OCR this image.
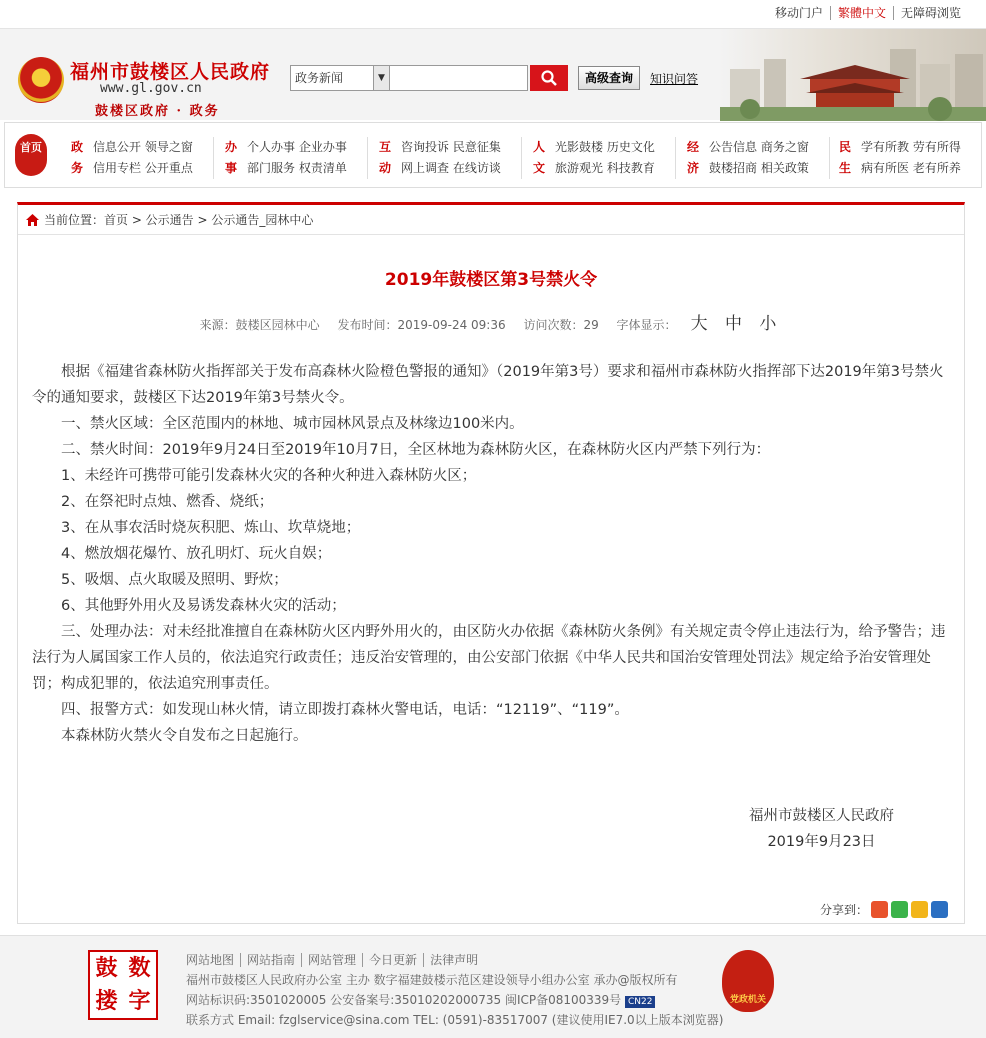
移动门户	繁體中文	无障碍浏览
福州市鼓楼区人民政府
www.gl.gov.cn
鼓楼区政府 · 政务
政务新闻	▼	高级查询	知识问答
首页	政
务
信息公开 领导之窗
信用专栏 公开重点
办
事
个人办事 企业办事
部门服务 权责清单
互
动
咨询投诉 民意征集
网上调查 在线访谈
人
文
光影鼓楼 历史文化
旅游观光 科技教育
经
济
公告信息 商务之窗
鼓楼招商 相关政策
民
生
学有所教 劳有所得
病有所医 老有所养
当前位置：首页 > 公示通告 > 公示通告_园林中心
2019年鼓楼区第3号禁火令
来源：鼓楼区园林中心 发布时间：2019-09-24 09:36 访问次数：29 字体显示： 大 中 小

根据《福建省森林防火指挥部关于发布高森林火险橙色警报的通知》（2019年第3号）要求和福州市森林防火指挥部下达2019年第3号禁火令的通知要求，鼓楼区下达2019年第3号禁火令。

一、禁火区域：全区范围内的林地、城市园林风景点及林缘边100米内。

二、禁火时间：2019年9月24日至2019年10月7日，全区林地为森林防火区，在森林防火区内严禁下列行为：

1、未经许可携带可能引发森林火灾的各种火种进入森林防火区；

2、在祭祀时点烛、燃香、烧纸；

3、在从事农活时烧灰积肥、炼山、坎草烧地；

4、燃放烟花爆竹、放孔明灯、玩火自娱；

5、吸烟、点火取暖及照明、野炊；

6、其他野外用火及易诱发森林火灾的活动；

三、处理办法：对未经批准擅自在森林防火区内野外用火的，由区防火办依据《森林防火条例》有关规定责令停止违法行为，给予警告；违法行为人属国家工作人员的，依法追究行政责任；违反治安管理的，由公安部门依据《中华人民共和国治安管理处罚法》规定给予治安管理处罚；构成犯罪的，依法追究刑事责任。

四、报警方式：如发现山林火情，请立即拨打森林火警电话，电话：“12119”、“119”。

本森林防火禁火令自发布之日起施行。

福州市鼓楼区人民政府
2019年9月23日
分享到：
鼓 数
搂 字
网站地图 网站指南 网站管理 今日更新 法律声明
福州市鼓楼区人民政府办公室 主办 数字福建鼓楼示范区建设领导小组办公室 承办@版权所有
网站标识码:3501020005 公安备案号:35010202000735 闽ICP备08100339号 CN22
联系方式 Email: fzglservice@sina.com TEL: (0591)-83517007 (建议使用IE7.0以上版本浏览器)
党政机关
